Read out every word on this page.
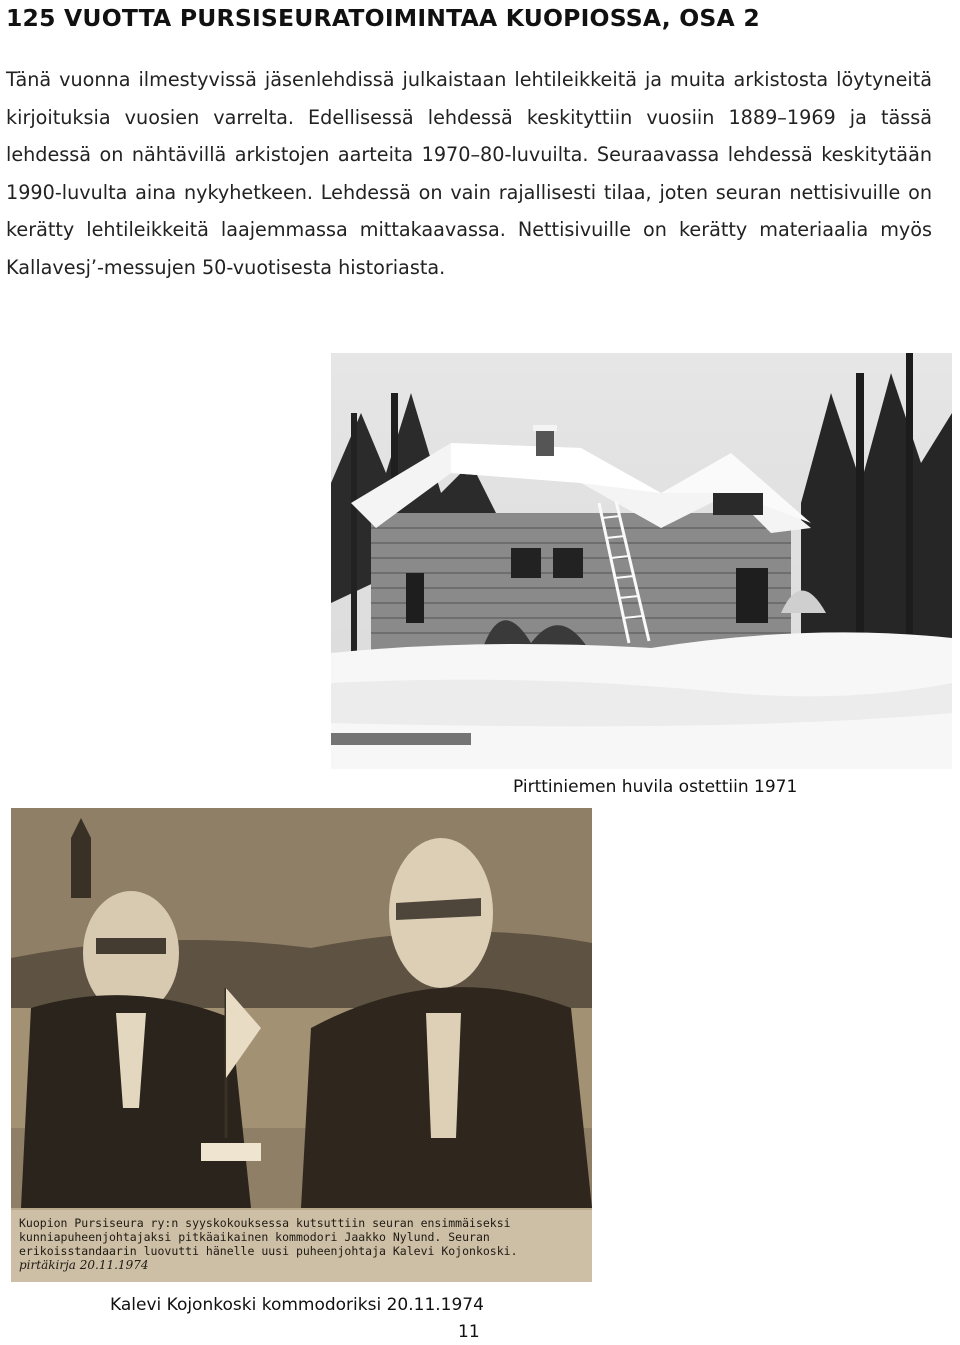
125 VUOTTA PURSISEURATOIMINTAA KUOPIOSSA, OSA 2

Tänä vuonna ilmestyvissä jäsenlehdissä julkaistaan lehtileikkeitä ja muita arkistosta löytyneitä kirjoituksia vuosien varrelta. Edellisessä lehdessä keskityttiin vuosiin 1889–1969 ja tässä lehdessä on nähtävillä arkistojen aarteita 1970–80-luvuilta. Seuraavassa lehdessä keskitytään 1990-luvulta aina nykyhetkeen. Lehdessä on vain rajallisesti tilaa, joten seuran nettisivuille on kerätty lehtileikkeitä laajemmassa mittakaavassa. Nettisivuille on kerätty materiaalia myös Kallavesj’-messujen 50-vuotisesta historiasta.

Pirttiniemen huvila ostettiin 1971
Kuopion Pursiseura ry:n syyskokouksessa kutsuttiin seuran ensimmäiseksi kunniapuheenjohtajaksi pitkäaikainen kommodori Jaakko Nylund. Seuran erikoisstandaarin luovutti hänelle uusi puheenjohtaja Kalevi Kojonkoski.
pirtäkirja 20.11.1974
Kalevi Kojonkoski kommodoriksi 20.11.1974
11
